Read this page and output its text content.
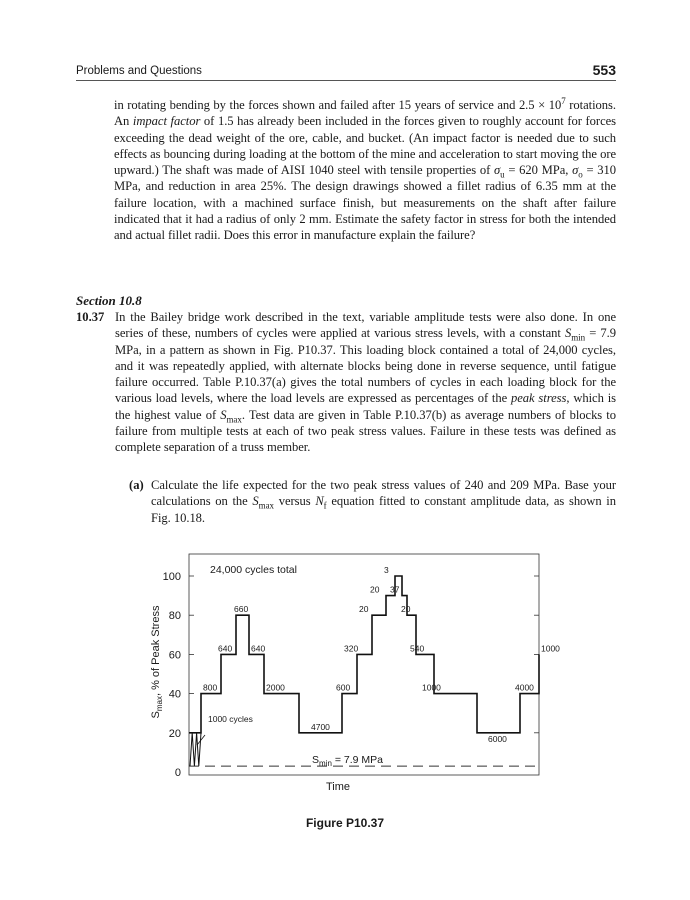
Problems and Questions	553
in rotating bending by the forces shown and failed after 15 years of service and $2.5 \times 10^7$ rotations. An impact factor of 1.5 has already been included in the forces given to roughly account for forces exceeding the dead weight of the ore, cable, and bucket. (An impact factor is needed due to such effects as bouncing during loading at the bottom of the mine and acceleration to start moving the ore upward.) The shaft was made of AISI 1040 steel with tensile properties of $\sigma_u = 620$ MPa, $\sigma_o = 310$ MPa, and reduction in area 25%. The design drawings showed a fillet radius of 6.35 mm at the failure location, with a machined surface finish, but measurements on the shaft after failure indicated that it had a radius of only 2 mm. Estimate the safety factor in stress for both the intended and actual fillet radii. Does this error in manufacture explain the failure?
Section 10.8
10.37 In the Bailey bridge work described in the text, variable amplitude tests were also done. In one series of these, numbers of cycles were applied at various stress levels, with a constant $S_{min} = 7.9$ MPa, in a pattern as shown in Fig. P10.37. This loading block contained a total of 24,000 cycles, and it was repeatedly applied, with alternate blocks being done in reverse sequence, until fatigue failure occurred. Table P.10.37(a) gives the total numbers of cycles in each loading block for the various load levels, where the load levels are expressed as percentages of the peak stress, which is the highest value of $S_{max}$. Test data are given in Table P.10.37(b) as average numbers of blocks to failure from multiple tests at each of two peak stress values. Failure in these tests was defined as complete separation of a truss member.
(a) Calculate the life expected for the two peak stress values of 240 and 209 MPa. Base your calculations on the $S_{max}$ versus $N_f$ equation fitted to constant amplitude data, as shown in Fig. 10.18.
0
20
40
60
80
100
$S_{max}$, % of Peak Stress
Time
24,000 cycles total
$S_{min} = 7.9$ MPa
1000 cycles
800
640
660
640
2000
4700
600
320
20
20
3
37
20
540
1000
6000
4000
1000
Figure P10.37
